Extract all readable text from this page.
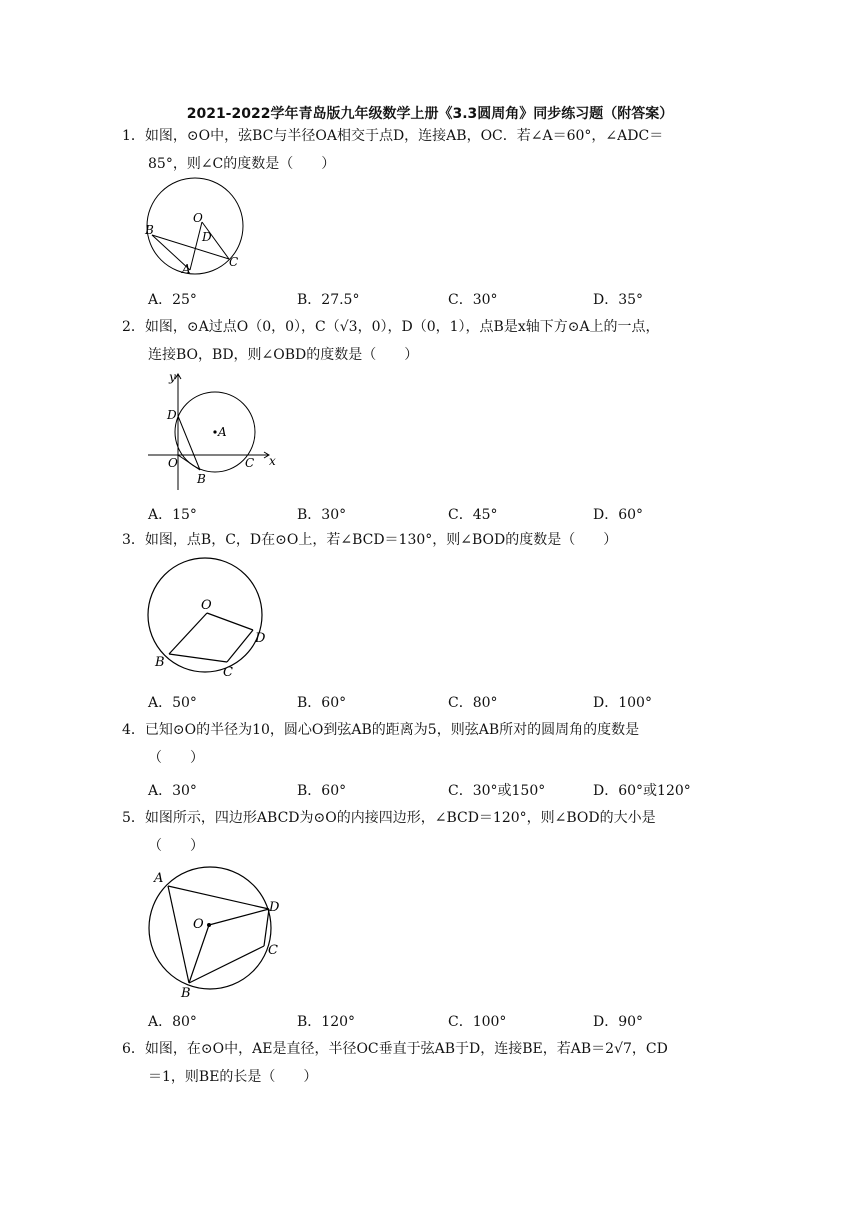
2021-2022学年青岛版九年级数学上册《3.3圆周角》同步练习题（附答案）
1．如图，⊙O中，弦BC与半径OA相交于点D，连接AB，OC．若∠A＝60°，∠ADC＝
85°，则∠C的度数是（　　）
O
D
B
A	C
A．25°	B．27.5°	C．30°	D．35°
2．如图，⊙A过点O（0，0），C（√3，0），D（0，1），点B是x轴下方⊙A上的一点，
连接BO，BD，则∠OBD的度数是（　　）
y
x
D
A
O	C
B
A．15°	B．30°	C．45°	D．60°
3．如图，点B，C，D在⊙O上，若∠BCD＝130°，则∠BOD的度数是（　　）
O
D
B
C
A．50°	B．60°	C．80°	D．100°
4．已知⊙O的半径为10，圆心O到弦AB的距离为5，则弦AB所对的圆周角的度数是
（　　）
A．30°	B．60°	C．30°或150°	D．60°或120°
5．如图所示，四边形ABCD为⊙O的内接四边形，∠BCD＝120°，则∠BOD的大小是
（　　）
A
O
D
C
B
A．80°	B．120°	C．100°	D．90°
6．如图，在⊙O中，AE是直径，半径OC垂直于弦AB于D，连接BE，若AB＝2√7，CD
＝1，则BE的长是（　　）
